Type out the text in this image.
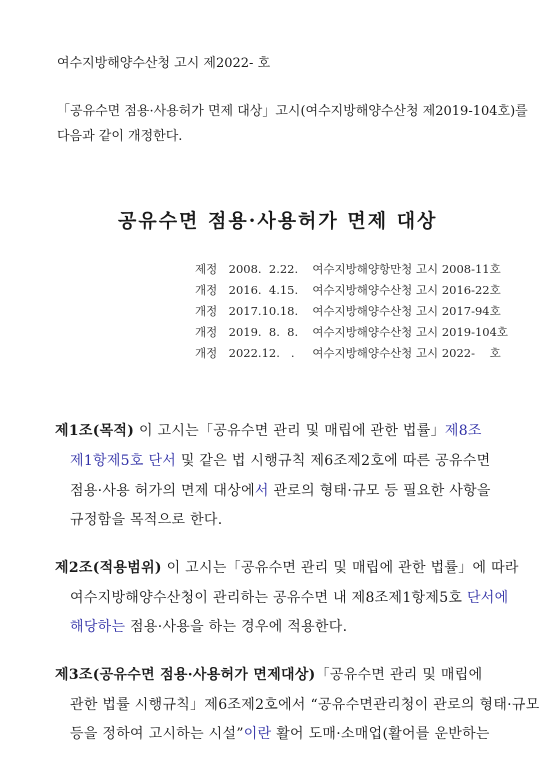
여수지방해양수산청 고시 제2022- 호
「공유수면 점용·사용허가 면제 대상」고시(여수지방해양수산청 제2019-104호)를
다음과 같이 개정한다.
공유수면 점용·사용허가 면제 대상
제정 2008.  2.22. 여수지방해양항만청 고시 2008-11호
개정 2016.  4.15. 여수지방해양수산청 고시 2016-22호
개정 2017.10.18. 여수지방해양수산청 고시 2017-94호
개정 2019.  8.  8. 여수지방해양수산청 고시 2019-104호
개정 2022.12.   . 여수지방해양수산청 고시 2022-    호
제1조(목적) 이 고시는「공유수면 관리 및 매립에 관한 법률」제8조
제1항제5호 단서 및 같은 법 시행규칙 제6조제2호에 따른 공유수면
점용·사용 허가의 면제 대상에서 관로의 형태·규모 등 필요한 사항을
규정함을 목적으로 한다.
제2조(적용범위) 이 고시는「공유수면 관리 및 매립에 관한 법률」에 따라
여수지방해양수산청이 관리하는 공유수면 내 제8조제1항제5호 단서에
해당하는 점용·사용을 하는 경우에 적용한다.
제3조(공유수면 점용·사용허가 면제대상)「공유수면 관리 및 매립에
관한 법률 시행규칙」제6조제2호에서 “공유수면관리청이 관로의 형태·규모
등을 정하여 고시하는 시설”이란 활어 도매·소매업(활어를 운반하는
